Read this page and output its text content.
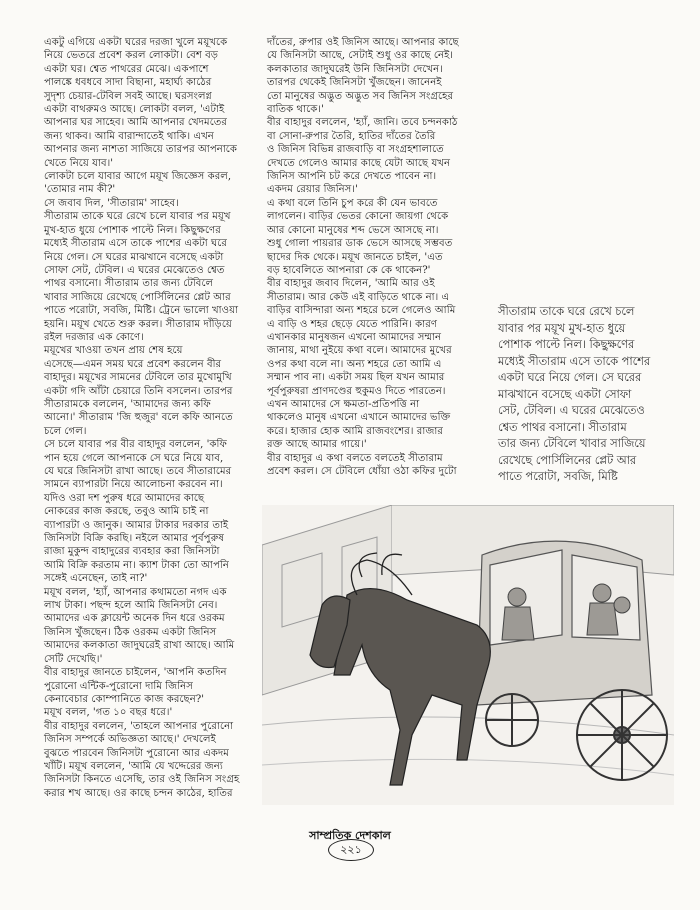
একটু এগিয়ে একটা ঘরের দরজা খুলে ময়ূখকে
নিয়ে ভেতরে প্রবেশ করল লোকটা। বেশ বড়
একটা ঘর। শ্বেত পাথরের মেঝে। একপাশে
পালঙ্কে ধবধবে সাদা বিছানা, মহার্ঘ্য কাঠের
সুদৃশ্য চেয়ার-টেবিল সবই আছে। ঘরসংলগ্ন
একটা বাথরুমও আছে। লোকটা বলল, 'এটাই
আপনার ঘর সাহেব। আমি আপনার খেদমতের
জন্য থাকব। আমি বারান্দাতেই থাকি। এখন
আপনার জন্য নাশতা সাজিয়ে তারপর আপনাকে
খেতে নিয়ে যাব।'
লোকটা চলে যাবার আগে ময়ূখ জিজ্ঞেস করল,
'তোমার নাম কী?'
সে জবাব দিল, 'সীতারাম' সাহেব।
সীতারাম তাকে ঘরে রেখে চলে যাবার পর ময়ূখ
মুখ-হাত ধুয়ে পোশাক পাল্টে নিল। কিছুক্ষণের
মধ্যেই সীতারাম এসে তাকে পাশের একটা ঘরে
নিয়ে গেল। সে ঘরের মাঝখানে বসেছে একটা
সোফা সেট, টেবিল। এ ঘরের মেঝেতেও শ্বেত
পাথর বসানো। সীতারাম তার জন্য টেবিলে
খাবার সাজিয়ে রেখেছে পোর্সিলিনের প্লেট আর
পাতে পরোটা, সবজি, মিষ্টি। ট্রেনে ভালো খাওয়া
হয়নি। ময়ূখ খেতে শুরু করল। সীতারাম দাঁড়িয়ে
রইল দরজার এক কোণে।
ময়ূখের খাওয়া তখন প্রায় শেষ হয়ে
এসেছে—এমন সময় ঘরে প্রবেশ করলেন বীর
বাহাদুর। ময়ূখের সামনের টেবিলে তার মুখোমুখি
একটা গদি আঁটা চেয়ারে তিনি বসলেন। তারপর
সীতারামকে বললেন, 'আমাদের জন্য কফি
আনো।' সীতারাম 'জি হুজুর' বলে কফি আনতে
চলে গেল।
সে চলে যাবার পর বীর বাহাদুর বললেন, 'কফি
পান হয়ে গেলে আপনাকে সে ঘরে নিয়ে যাব,
যে ঘরে জিনিসটা রাখা আছে। তবে সীতারামের
সামনে ব্যাপারটা নিয়ে আলোচনা করবেন না।
যদিও ওরা দশ পুরুষ ধরে আমাদের কাছে
নোকরের কাজ করছে, তবুও আমি চাই না
ব্যাপারটা ও জানুক। আমার টাকার দরকার তাই
জিনিসটা বিক্রি করছি। নইলে আমার পূর্বপুরুষ
রাজা মুকুন্দ বাহাদুরের ব্যবহার করা জিনিসটা
আমি বিক্রি করতাম না। ক্যাশ টাকা তো আপনি
সঙ্গেই এনেছেন, তাই না?'
ময়ূখ বলল, 'হ্যাঁ, আপনার কথামতো নগদ এক
লাখ টাকা। পছন্দ হলে আমি জিনিসটা নেব।
আমাদের এক ক্লায়েন্ট অনেক দিন ধরে ওরকম
জিনিস খুঁজছেন। ঠিক ওরকম একটা জিনিস
আমাদের কলকাতা জাদুঘরেই রাখা আছে। আমি
সেটি দেখেছি।'
বীর বাহাদুর জানতে চাইলেন, 'আপনি কতদিন
পুরোনো এন্টিক-পুরোনো দামি জিনিস
কেনাবেচার কোম্পানিতে কাজ করছেন?'
ময়ূখ বলল, 'গত ১০ বছর ধরে।'
বীর বাহাদুর বললেন, 'তাহলে আপনার পুরোনো
জিনিস সম্পর্কে অভিজ্ঞতা আছে।' দেখলেই
বুঝতে পারবেন জিনিসটা পুরোনো আর একদম
খাঁটি। ময়ূখ বললেন, 'আমি যে খদ্দেরের জন্য
জিনিসটা কিনতে এসেছি, তার ওই জিনিস সংগ্রহ
করার শখ আছে। ওর কাছে চন্দন কাঠের, হাতির

দাঁতের, রুপার ওই জিনিস আছে। আপনার কাছে
যে জিনিসটা আছে, সেটাই শুধু ওর কাছে নেই।
কলকাতার জাদুঘরেই উনি জিনিসটা দেখেন।
তারপর থেকেই জিনিসটা খুঁজছেন। জানেনই
তো মানুষের অদ্ভুত অদ্ভুত সব জিনিস সংগ্রহের
বাতিক থাকে।'
বীর বাহাদুর বললেন, 'হ্যাঁ, জানি। তবে চন্দনকাঠ
বা সোনা-রুপার তৈরি, হাতির দাঁতের তৈরি
ও জিনিস বিভিন্ন রাজবাড়ি বা সংগ্রহশালাতে
দেখতে গেলেও আমার কাছে যেটা আছে যখন
জিনিস আপনি চট করে দেখতে পাবেন না।
একদম রেয়ার জিনিস।'
এ কথা বলে তিনি চুপ করে কী যেন ভাবতে
লাগলেন। বাড়ির ভেতর কোনো জায়গা থেকে
আর কোনো মানুষের শব্দ ভেসে আসছে না।
শুধু গোলা পায়রার ডাক ভেসে আসছে সম্ভবত
ছাদের দিক থেকে। ময়ূখ জানতে চাইল, 'এত
বড় হাবেলিতে আপনারা কে কে থাকেন?'
বীর বাহাদুর জবাব দিলেন, 'আমি আর ওই
সীতারাম। আর কেউ এই বাড়িতে থাকে না। এ
বাড়ির বাসিন্দারা অন্য শহরে চলে গেলেও আমি
এ বাড়ি ও শহর ছেড়ে যেতে পারিনি। কারণ
এখানকার মানুষজন এখনো আমাদের সম্মান
জানায়, মাথা নুইয়ে কথা বলে। আমাদের মুখের
ওপর কথা বলে না। অন্য শহরে তো আমি এ
সম্মান পাব না। একটা সময় ছিল যখন আমার
পূর্বপুরুষরা প্রাণদণ্ডের হুকুমও দিতে পারতেন।
এখন আমাদের সে ক্ষমতা-প্রতিপত্তি না
থাকলেও মানুষ এখনো এখানে আমাদের ভক্তি
করে। হাজার হোক আমি রাজবংশের। রাজার
রক্ত আছে আমার গায়ে।'
বীর বাহাদুর এ কথা বলতে বলতেই সীতারাম
প্রবেশ করল। সে টেবিলে ধোঁয়া ওঠা কফির দুটো

সীতারাম তাকে ঘরে রেখে চলে
যাবার পর ময়ূখ মুখ-হাত ধুয়ে
পোশাক পাল্টে নিল। কিছুক্ষণের
মধ্যেই সীতারাম এসে তাকে পাশের
একটা ঘরে নিয়ে গেল। সে ঘরের
মাঝখানে বসেছে একটা সোফা
সেট, টেবিল। এ ঘরের মেঝেতেও
শ্বেত পাথর বসানো। সীতারাম
তার জন্য টেবিলে খাবার সাজিয়ে
রেখেছে পোর্সিলিনের প্লেট আর
পাতে পরোটা, সবজি, মিষ্টি
সাম্প্রতিক দেশকাল
২২১
